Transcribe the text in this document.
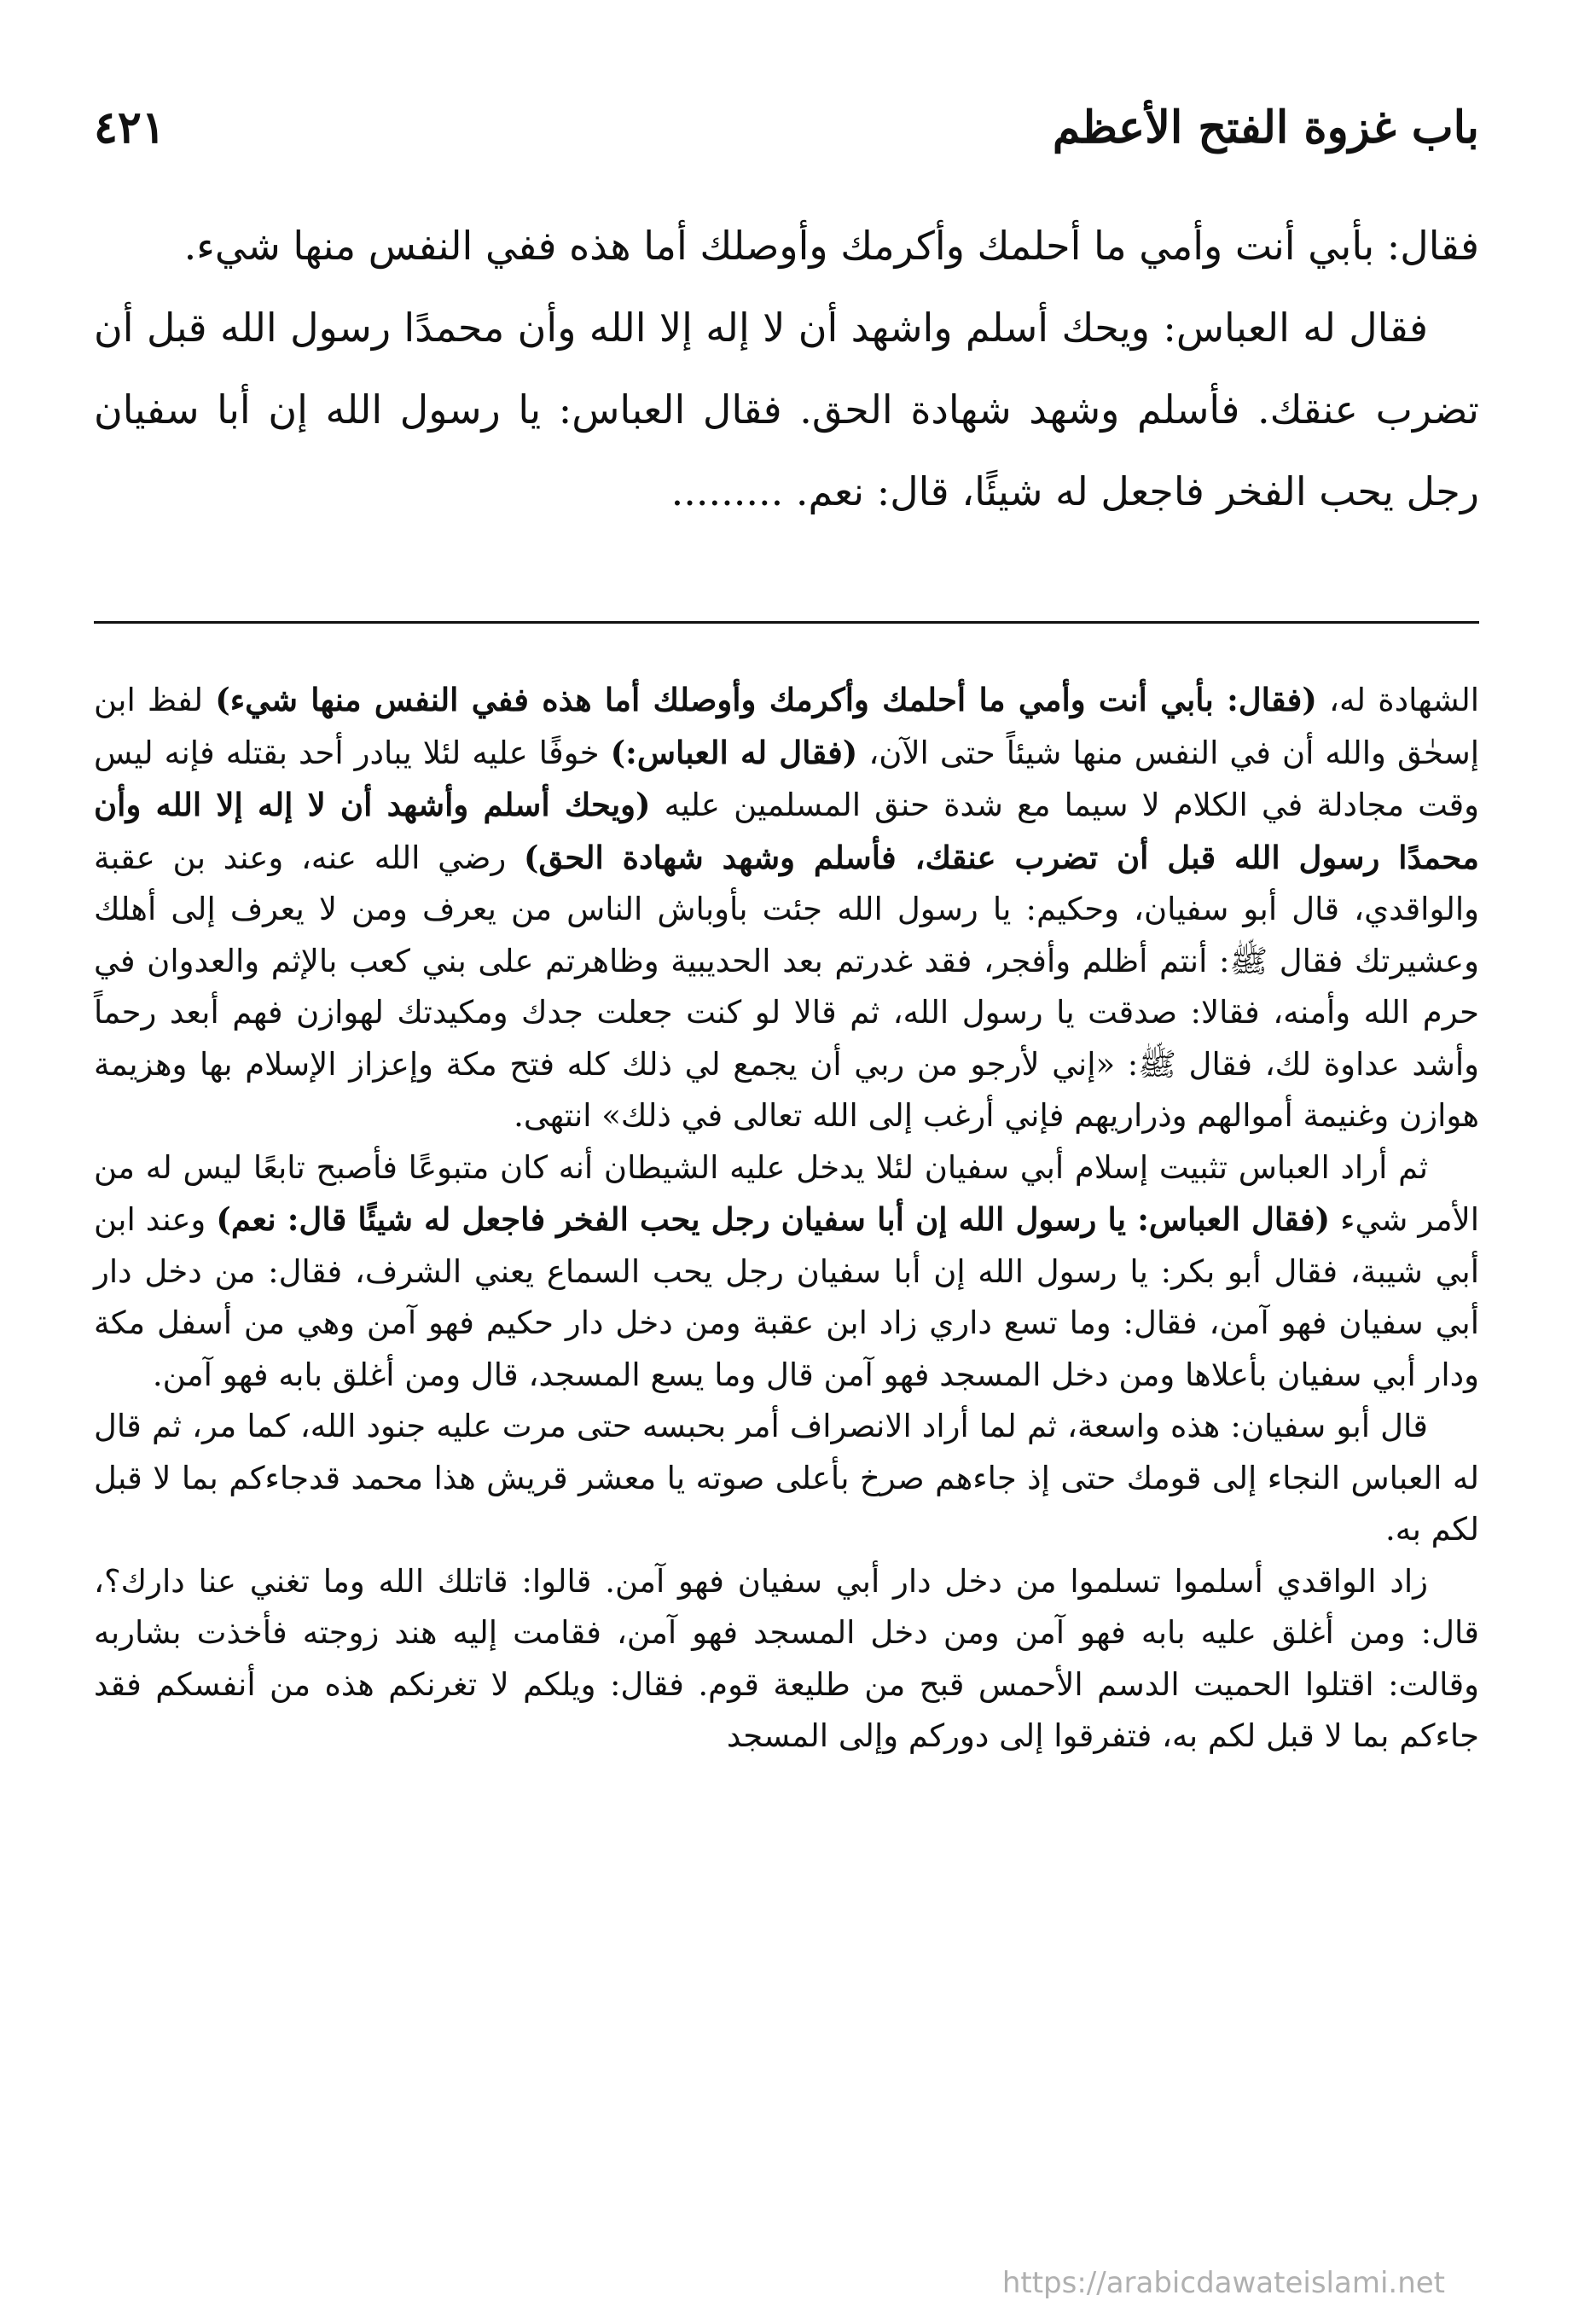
باب غزوة الفتح الأعظم
٤٢١

فقال: بأبي أنت وأمي ما أحلمك وأكرمك وأوصلك أما هذه ففي النفس منها شيء.

فقال له العباس: ويحك أسلم واشهد أن لا إله إلا الله وأن محمدًا رسول الله قبل أن تضرب عنقك. فأسلم وشهد شهادة الحق. فقال العباس: يا رسول الله إن أبا سفيان رجل يحب الفخر فاجعل له شيئًا، قال: نعم. .........

الشهادة له، (فقال: بأبي أنت وأمي ما أحلمك وأكرمك وأوصلك أما هذه ففي النفس منها شيء) لفظ ابن إسحٰق والله أن في النفس منها شيئاً حتى الآن، (فقال له العباس:) خوفًا عليه لئلا يبادر أحد بقتله فإنه ليس وقت مجادلة في الكلام لا سيما مع شدة حنق المسلمين عليه (ويحك أسلم وأشهد أن لا إله إلا الله وأن محمدًا رسول الله قبل أن تضرب عنقك، فأسلم وشهد شهادة الحق) رضي الله عنه، وعند بن عقبة والواقدي، قال أبو سفيان، وحكيم: يا رسول الله جئت بأوباش الناس من يعرف ومن لا يعرف إلى أهلك وعشيرتك فقال ﷺ: أنتم أظلم وأفجر، فقد غدرتم بعد الحديبية وظاهرتم على بني كعب بالإثم والعدوان في حرم الله وأمنه، فقالا: صدقت يا رسول الله، ثم قالا لو كنت جعلت جدك ومكيدتك لهوازن فهم أبعد رحماً وأشد عداوة لك، فقال ﷺ: «إني لأرجو من ربي أن يجمع لي ذلك كله فتح مكة وإعزاز الإسلام بها وهزيمة هوازن وغنيمة أموالهم وذراريهم فإني أرغب إلى الله تعالى في ذلك» انتهى.

ثم أراد العباس تثبيت إسلام أبي سفيان لئلا يدخل عليه الشيطان أنه كان متبوعًا فأصبح تابعًا ليس له من الأمر شيء (فقال العباس: يا رسول الله إن أبا سفيان رجل يحب الفخر فاجعل له شيئًا قال: نعم) وعند ابن أبي شيبة، فقال أبو بكر: يا رسول الله إن أبا سفيان رجل يحب السماع يعني الشرف، فقال: من دخل دار أبي سفيان فهو آمن، فقال: وما تسع داري زاد ابن عقبة ومن دخل دار حكيم فهو آمن وهي من أسفل مكة ودار أبي سفيان بأعلاها ومن دخل المسجد فهو آمن قال وما يسع المسجد، قال ومن أغلق بابه فهو آمن.

قال أبو سفيان: هذه واسعة، ثم لما أراد الانصراف أمر بحبسه حتى مرت عليه جنود الله، كما مر، ثم قال له العباس النجاء إلى قومك حتى إذ جاءهم صرخ بأعلى صوته يا معشر قريش هذا محمد قدجاءكم بما لا قبل لكم به.

زاد الواقدي أسلموا تسلموا من دخل دار أبي سفيان فهو آمن. قالوا: قاتلك الله وما تغني عنا دارك؟، قال: ومن أغلق عليه بابه فهو آمن ومن دخل المسجد فهو آمن، فقامت إليه هند زوجته فأخذت بشاربه وقالت: اقتلوا الحميت الدسم الأحمس قبح من طليعة قوم. فقال: ويلكم لا تغرنكم هذه من أنفسكم فقد جاءكم بما لا قبل لكم به، فتفرقوا إلى دوركم وإلى المسجد

https://arabicdawateislami.net
